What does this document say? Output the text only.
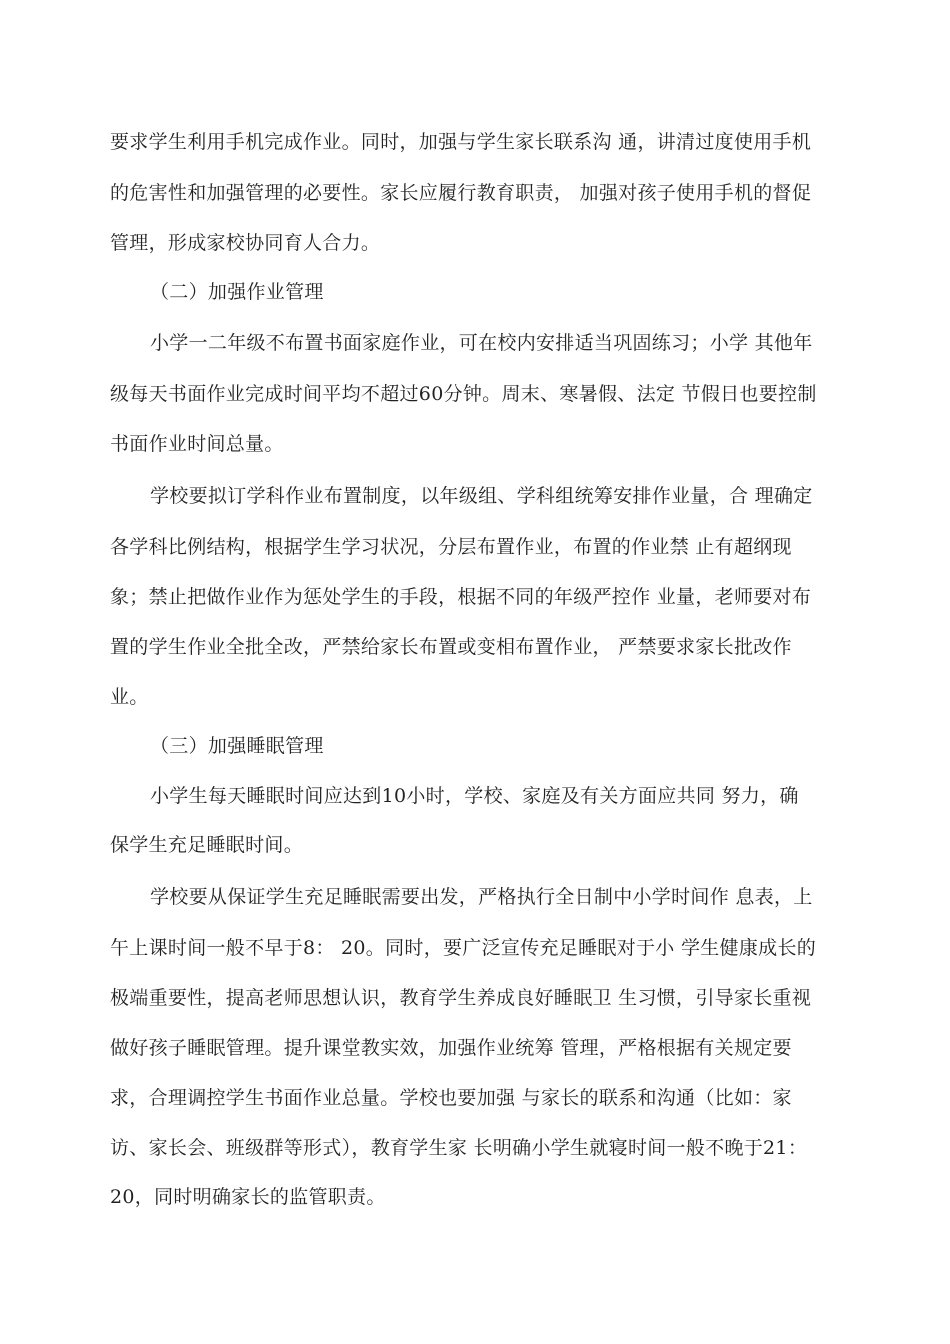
要求学生利用手机完成作业。同时，加强与学生家长联系沟 通，讲清过度使用手机
的危害性和加强管理的必要性。家长应履行教育职责， 加强对孩子使用手机的督促
管理，形成家校协同育人合力。
（二）加强作业管理
小学一二年级不布置书面家庭作业，可在校内安排适当巩固练习；小学 其他年
级每天书面作业完成时间平均不超过60分钟。周末、寒暑假、法定 节假日也要控制
书面作业时间总量。
学校要拟订学科作业布置制度，以年级组、学科组统筹安排作业量，合 理确定
各学科比例结构，根据学生学习状况，分层布置作业，布置的作业禁 止有超纲现
象；禁止把做作业作为惩处学生的手段，根据不同的年级严控作 业量，老师要对布
置的学生作业全批全改，严禁给家长布置或变相布置作业， 严禁要求家长批改作
业。
（三）加强睡眠管理
小学生每天睡眠时间应达到10小时，学校、家庭及有关方面应共同 努力，确
保学生充足睡眠时间。
学校要从保证学生充足睡眠需要出发，严格执行全日制中小学时间作 息表，上
午上课时间一般不早于8： 20。同时，要广泛宣传充足睡眠对于小 学生健康成长的
极端重要性，提高老师思想认识，教育学生养成良好睡眠卫 生习惯，引导家长重视
做好孩子睡眠管理。提升课堂教实效，加强作业统筹 管理，严格根据有关规定要
求，合理调控学生书面作业总量。学校也要加强 与家长的联系和沟通（比如：家
访、家长会、班级群等形式），教育学生家 长明确小学生就寝时间一般不晚于21：
20，同时明确家长的监管职责。
